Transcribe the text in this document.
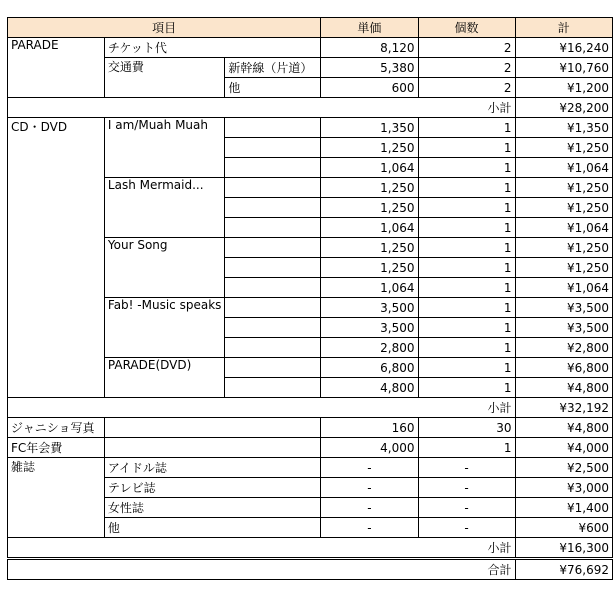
項目			単価	個数	計
PARADE	チケット代		8,120	2	¥16,240
	交通費	新幹線（片道）	5,380	2	¥10,760
		他	600	2	¥1,200
小計					¥28,200
CD・DVD	I am/Muah Muah		1,350	1	¥1,350
			1,250	1	¥1,250
			1,064	1	¥1,064
	Lash Mermaid...		1,250	1	¥1,250
			1,250	1	¥1,250
			1,064	1	¥1,064
	Your Song		1,250	1	¥1,250
			1,250	1	¥1,250
			1,064	1	¥1,064
	Fab! -Music speaks		3,500	1	¥3,500
			3,500	1	¥3,500
			2,800	1	¥2,800
	PARADE(DVD)		6,800	1	¥6,800
			4,800	1	¥4,800
小計					¥32,192
ジャニショ写真			160	30	¥4,800
FC年会費			4,000	1	¥4,000
雑誌	アイドル誌		-	-	¥2,500
	テレビ誌		-	-	¥3,000
	女性誌		-	-	¥1,400
	他		-	-	¥600
小計					¥16,300
合計					¥76,692
